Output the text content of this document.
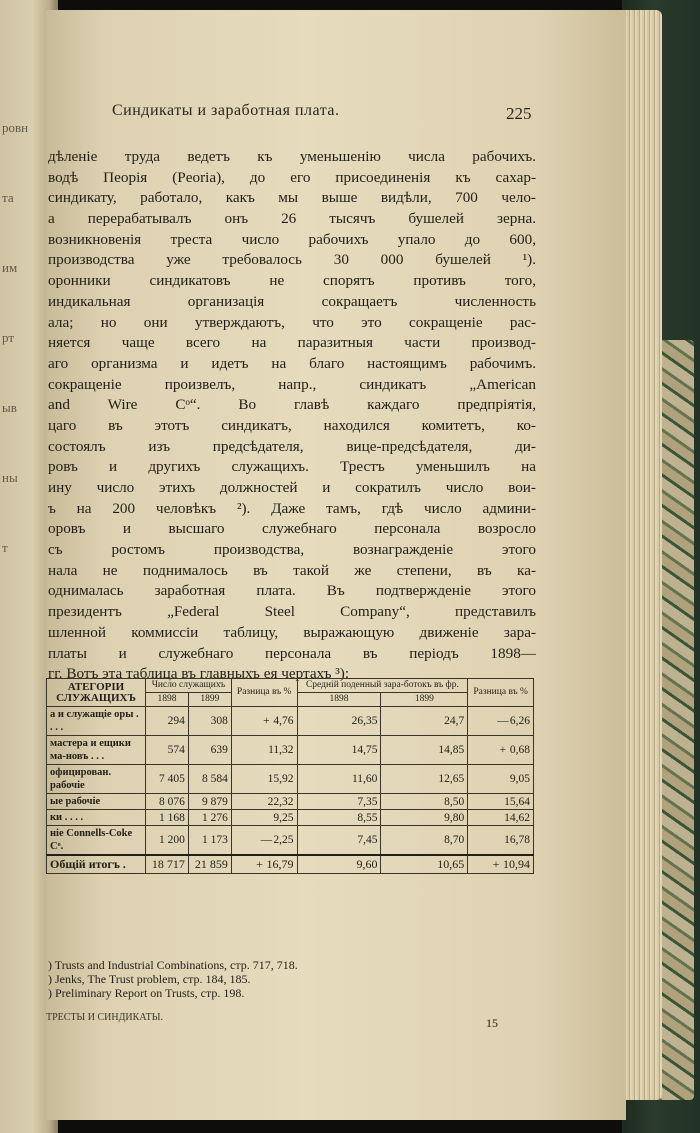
ровн
та
им
рт
ыв
ны
т
Синдикаты и заработная плата.	225
дѣленіе труда ведетъ къ уменьшенію числа рабочихъ.
водѣ Пеорія (Peoria), до его присоединенія къ сахар-
синдикату, работало, какъ мы выше видѣли, 700 чело-
а перерабатывалъ онъ 26 тысячъ бушелей зерна.
возникновенія треста число рабочихъ упало до 600,
производства уже требовалось 30 000 бушелей ¹).
оронники синдикатовъ не спорятъ противъ того,
индикальная организація сокращаетъ численность
ала; но они утверждаютъ, что это сокращеніе рас-
няется чаще всего на паразитныя части производ-
аго организма и идетъ на благо настоящимъ рабочимъ.
сокращеніе произвелъ, напр., синдикатъ „American
and Wire Cᵒ“. Во главѣ каждаго предпріятія,
цаго въ этотъ синдикатъ, находился комитетъ, ко-
состоялъ изъ предсѣдателя, вице-предсѣдателя, ди-
ровъ и другихъ служащихъ. Трестъ уменьшилъ на
ину число этихъ должностей и сократилъ число вои-
ъ на 200 человѣкъ ²). Даже тамъ, гдѣ число админи-
оровъ и высшаго служебнаго персонала возросло
съ ростомъ производства, вознагражденіе этого
нала не поднималось въ такой же степени, въ ка-
однималась заработная плата. Въ подтвержденіе этого
президентъ „Federal Steel Company“, представилъ
шленной коммиссіи таблицу, выражающую движеніе зара-
платы и служебнаго персонала въ періодъ 1898—
гг. Вотъ эта таблица въ главныхъ ея чертахъ ³):
АТЕГОРІИ СЛУЖАЩИХЪ	Число служащихъ		Разница въ %	Средній поденный зара-ботокъ въ фр.		Разница въ %
	1898	1899		1898	1899	
а и служащіе оры . . . .	294	308	+ 4,76	26,35	24,7	—6,26
мастера и ещики ма-новъ . . .	574	639	11,32	14,75	14,85	+ 0,68
официрован. рабочіе	7 405	8 584	15,92	11,60	12,65	9,05
ые рабочіе	8 076	9 879	22,32	7,35	8,50	15,64
ки . . . .	1 168	1 276	9,25	8,55	9,80	14,62
ніе Connells-Coke Cᵒ.	1 200	1 173	—2,25	7,45	8,70	16,78
Общій итогъ .	18 717	21 859	+ 16,79	9,60	10,65	+ 10,94
) Trusts and Industrial Combinations, стр. 717, 718.
) Jenks, The Trust problem, стр. 184, 185.
) Preliminary Report on Trusts, стр. 198.
ТРЕСТЫ И СИНДИКАТЫ.	15
